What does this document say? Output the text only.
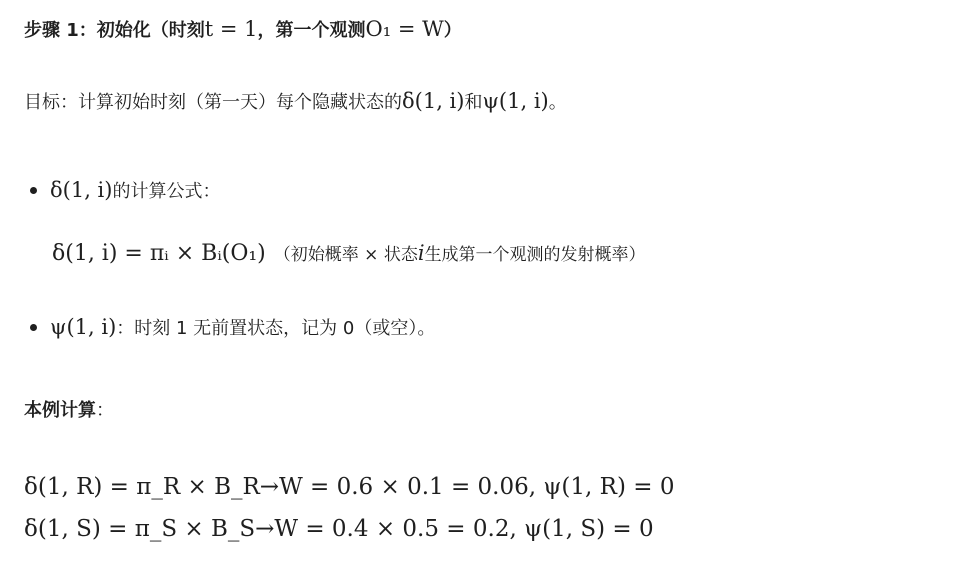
步骤 1：初始化（时刻t = 1，第一个观测O₁ = W）
目标：计算初始时刻（第一天）每个隐藏状态的δ(1, i)和ψ(1, i)。
δ(1, i)的计算公式：
δ(1, i) = πᵢ × Bᵢ(O₁) （初始概率 × 状态i生成第一个观测的发射概率）
ψ(1, i)：时刻 1 无前置状态，记为 0（或空）。
本例计算：
δ(1, R) = π_R × B_R→W = 0.6 × 0.1 = 0.06, ψ(1, R) = 0
δ(1, S) = π_S × B_S→W = 0.4 × 0.5 = 0.2, ψ(1, S) = 0
